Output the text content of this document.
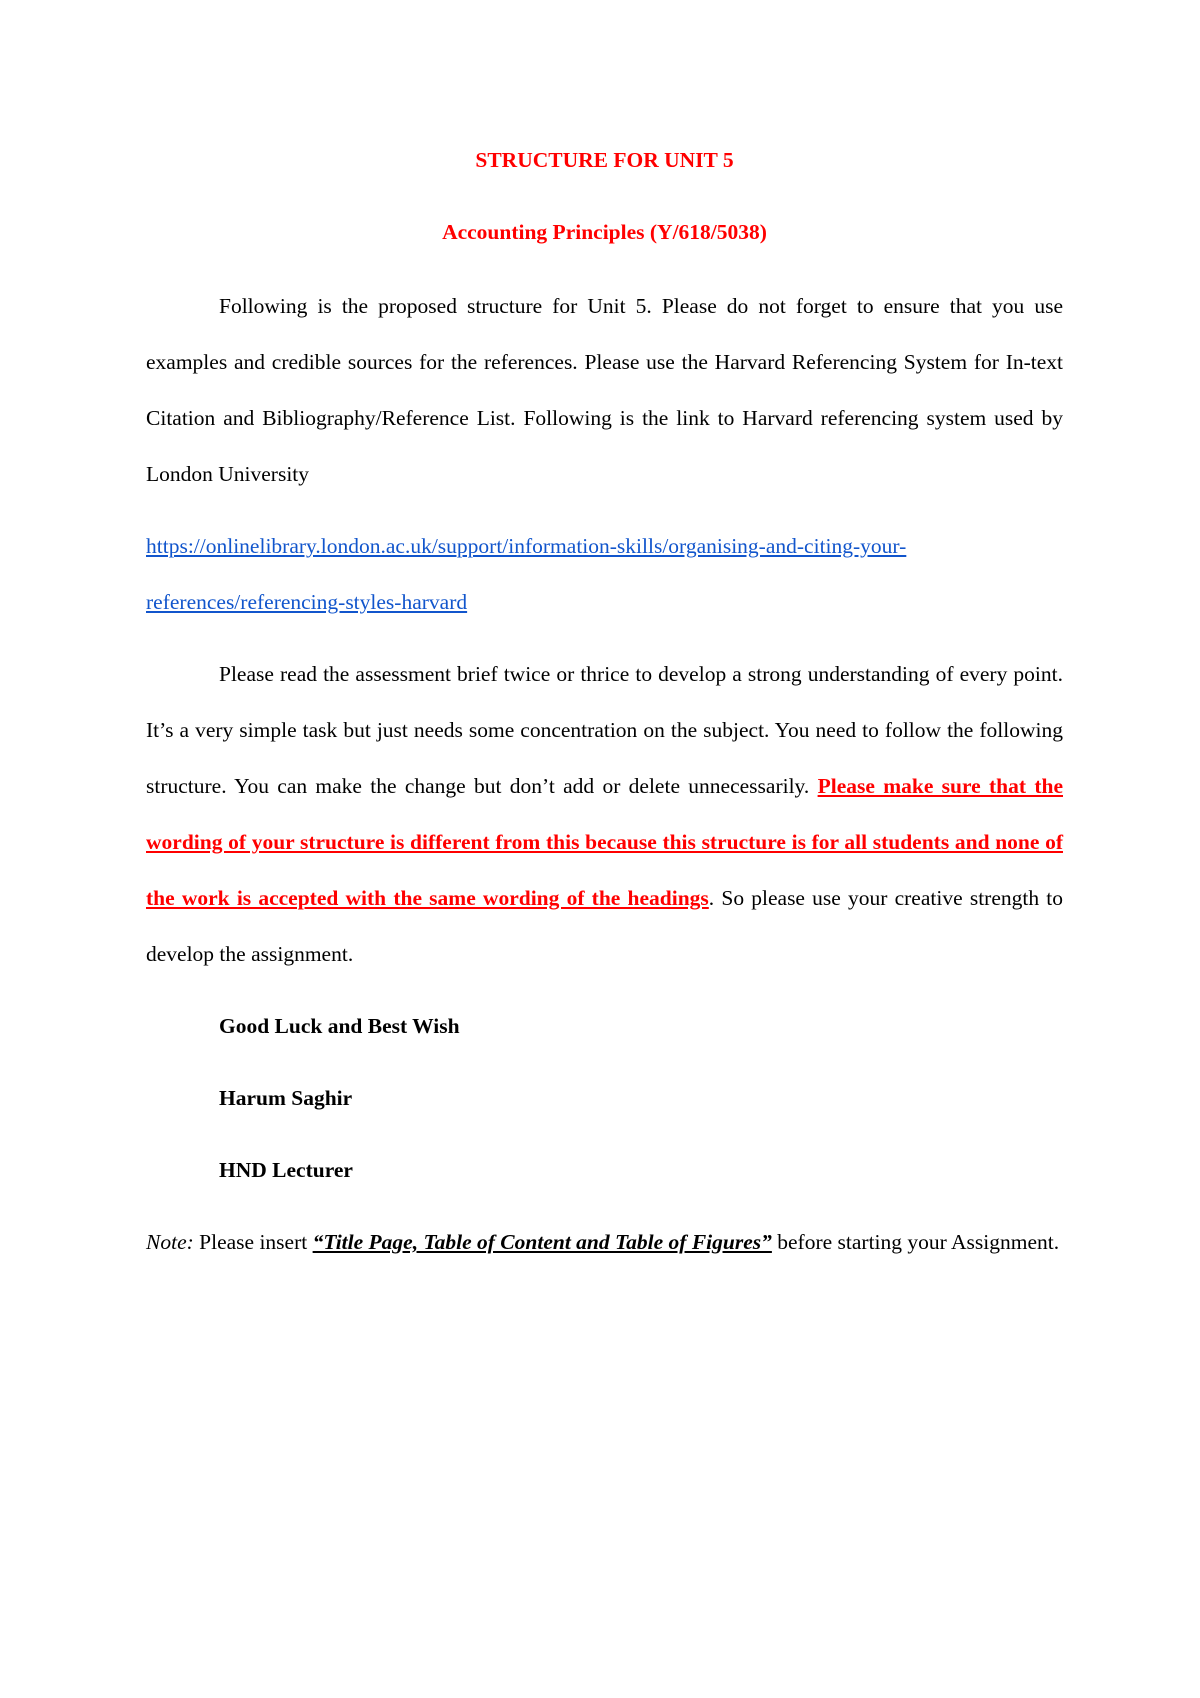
STRUCTURE FOR UNIT 5
Accounting Principles (Y/618/5038)

Following is the proposed structure for Unit 5. Please do not forget to ensure that you use examples and credible sources for the references. Please use the Harvard Referencing System for In-text Citation and Bibliography/Reference List. Following is the link to Harvard referencing system used by London University

https://onlinelibrary.london.ac.uk/support/information-skills/organising-and-citing-your-references/referencing-styles-harvard

Please read the assessment brief twice or thrice to develop a strong understanding of every point. It’s a very simple task but just needs some concentration on the subject. You need to follow the following structure. You can make the change but don’t add or delete unnecessarily. Please make sure that the wording of your structure is different from this because this structure is for all students and none of the work is accepted with the same wording of the headings. So please use your creative strength to develop the assignment.

Good Luck and Best Wish

Harum Saghir

HND Lecturer

Note: Please insert “Title Page, Table of Content and Table of Figures” before starting your Assignment.
